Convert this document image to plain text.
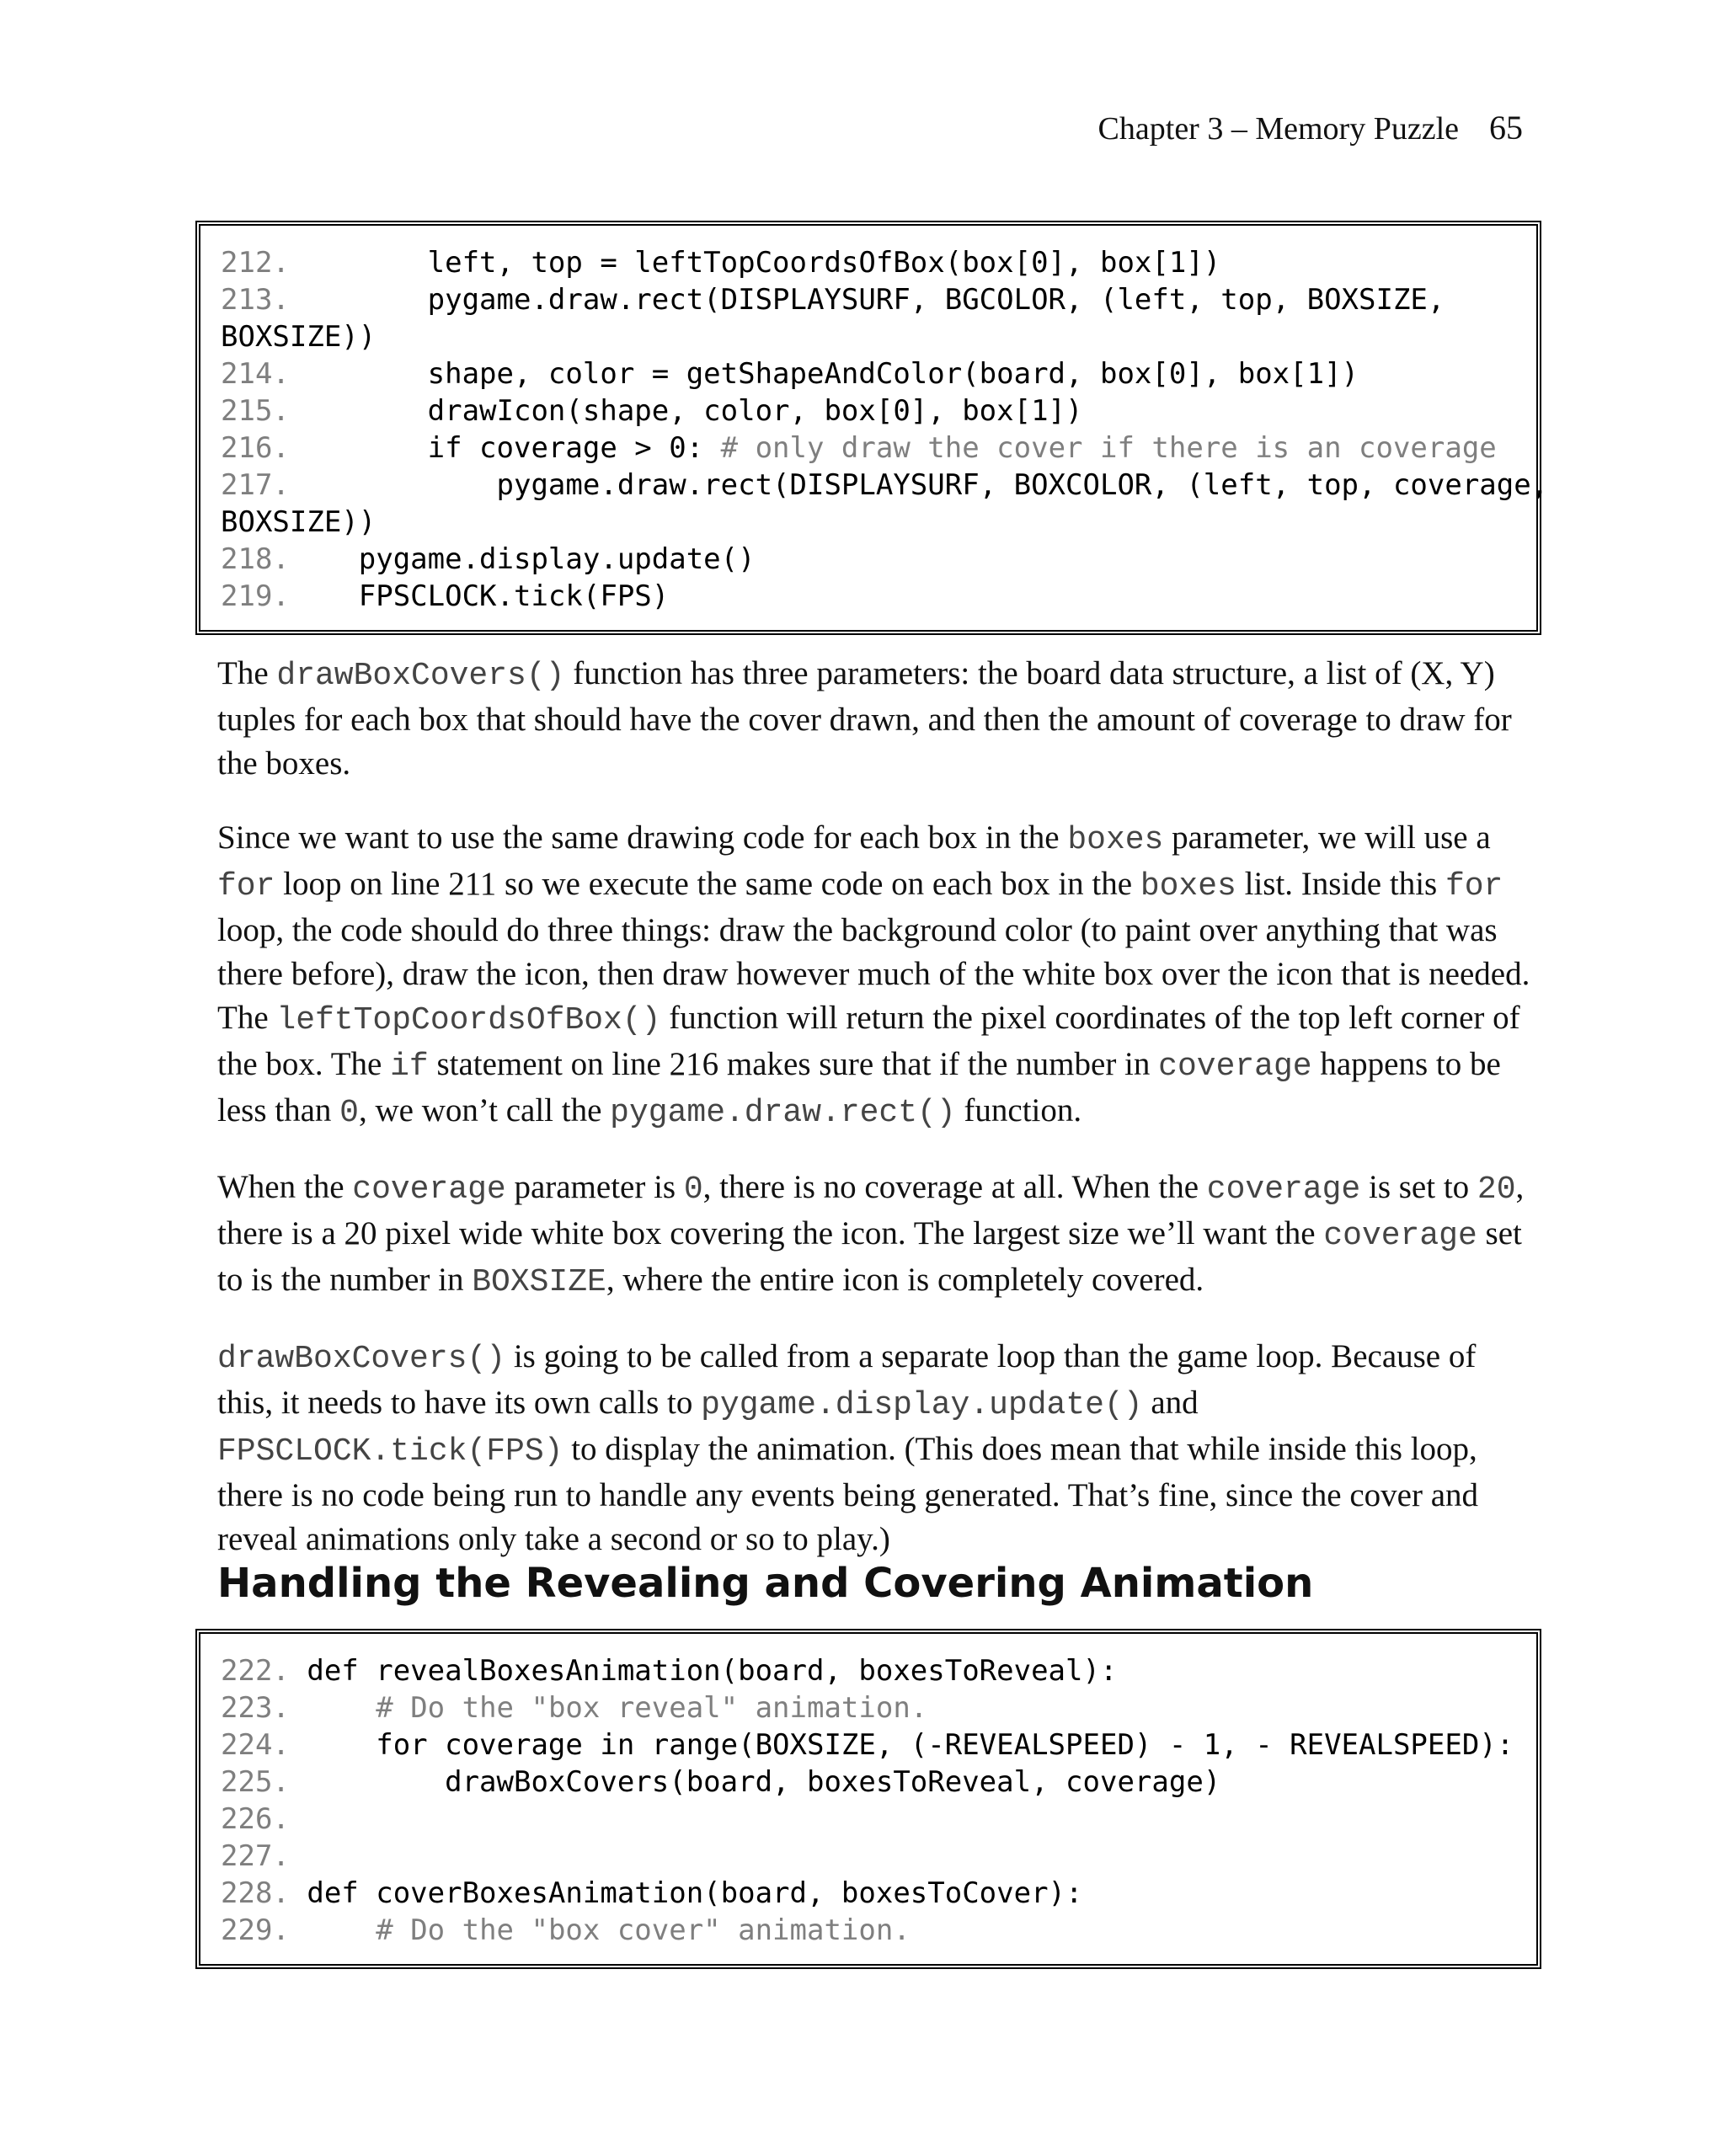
Chapter 3 – Memory Puzzle 65
212.        left, top = leftTopCoordsOfBox(box[0], box[1])
213.        pygame.draw.rect(DISPLAYSURF, BGCOLOR, (left, top, BOXSIZE,
BOXSIZE))
214.        shape, color = getShapeAndColor(board, box[0], box[1])
215.        drawIcon(shape, color, box[0], box[1])
216.        if coverage > 0: # only draw the cover if there is an coverage
217.            pygame.draw.rect(DISPLAYSURF, BOXCOLOR, (left, top, coverage,
BOXSIZE))
218.    pygame.display.update()
219.    FPSCLOCK.tick(FPS)

The drawBoxCovers() function has three parameters: the board data structure, a list of (X, Y) tuples for each box that should have the cover drawn, and then the amount of coverage to draw for the boxes.

Since we want to use the same drawing code for each box in the boxes parameter, we will use a for loop on line 211 so we execute the same code on each box in the boxes list. Inside this for loop, the code should do three things: draw the background color (to paint over anything that was there before), draw the icon, then draw however much of the white box over the icon that is needed. The leftTopCoordsOfBox() function will return the pixel coordinates of the top left corner of the box. The if statement on line 216 makes sure that if the number in coverage happens to be less than 0, we won’t call the pygame.draw.rect() function.

When the coverage parameter is 0, there is no coverage at all. When the coverage is set to 20, there is a 20 pixel wide white box covering the icon. The largest size we’ll want the coverage set to is the number in BOXSIZE, where the entire icon is completely covered.

drawBoxCovers() is going to be called from a separate loop than the game loop. Because of this, it needs to have its own calls to pygame.display.update() and FPSCLOCK.tick(FPS) to display the animation. (This does mean that while inside this loop, there is no code being run to handle any events being generated. That’s fine, since the cover and reveal animations only take a second or so to play.)

Handling the Revealing and Covering Animation
222. def revealBoxesAnimation(board, boxesToReveal):
223.	# Do the "box reveal" animation.
224.     for coverage in range(BOXSIZE, (-REVEALSPEED) - 1, - REVEALSPEED):
225.         drawBoxCovers(board, boxesToReveal, coverage)
226.
227.
228. def coverBoxesAnimation(board, boxesToCover):
229.	# Do the "box cover" animation.
